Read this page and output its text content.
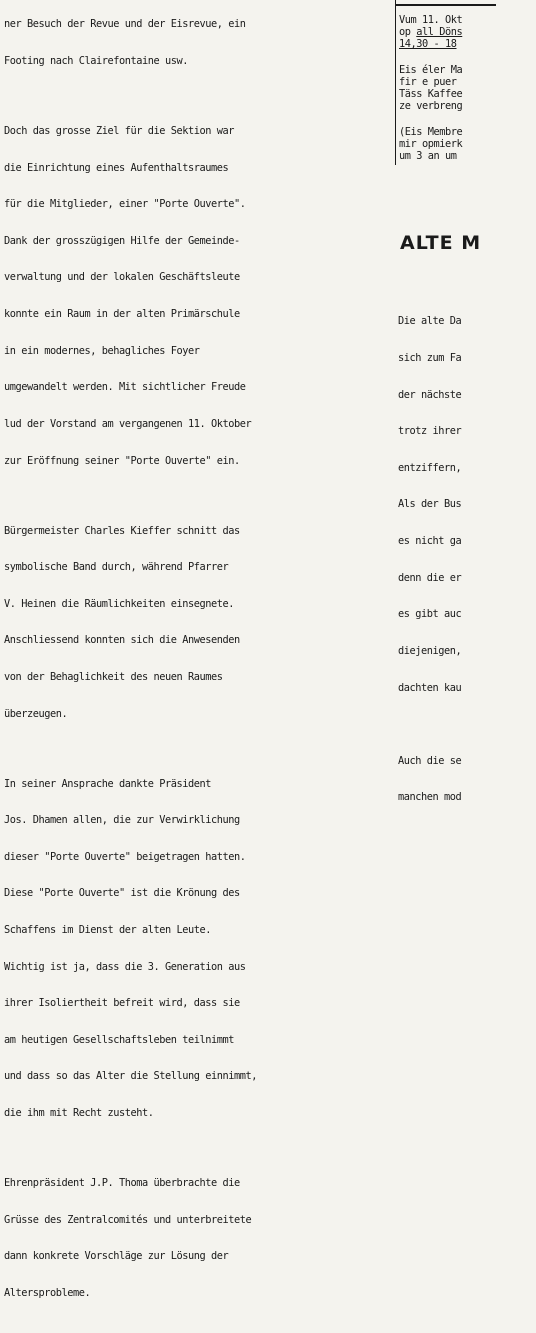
ner Besuch der Revue und der Eisrevue, ein

Footing nach Clairefontaine usw.

Doch das grosse Ziel für die Sektion war

die Einrichtung eines Aufenthaltsraumes

für die Mitglieder, einer "Porte Ouverte".

Dank der grosszügigen Hilfe der Gemeinde-

verwaltung und der lokalen Geschäftsleute

konnte ein Raum in der alten Primärschule

in ein modernes, behagliches Foyer

umgewandelt werden. Mit sichtlicher Freude

lud der Vorstand am vergangenen 11. Oktober

zur Eröffnung seiner "Porte Ouverte" ein.

Bürgermeister Charles Kieffer schnitt das

symbolische Band durch, während Pfarrer

V. Heinen die Räumlichkeiten einsegnete.

Anschliessend konnten sich die Anwesenden

von der Behaglichkeit des neuen Raumes

überzeugen.

In seiner Ansprache dankte Präsident

Jos. Dhamen allen, die zur Verwirklichung

dieser "Porte Ouverte" beigetragen hatten.

Diese "Porte Ouverte" ist die Krönung des

Schaffens im Dienst der alten Leute.

Wichtig ist ja, dass die 3. Generation aus

ihrer Isoliertheit befreit wird, dass sie

am heutigen Gesellschaftsleben teilnimmt

und dass so das Alter die Stellung einnimmt,

die ihm mit Recht zusteht.

Ehrenpräsident J.P. Thoma überbrachte die

Grüsse des Zentralcomités und unterbreitete

dann konkrete Vorschläge zur Lösung der

Altersprobleme.

Vum 11. Okt
op all Döns
14,30 - 18
Eis éler Ma
fir e puer
Täss Kaffee
ze verbreng
(Eis Membre
mir opmierk
um 3 an um
ALTE M

Die alte Da

sich zum Fa

der nächste

trotz ihrer

entziffern,

Als der Bus

es nicht ga

denn die er

es gibt auc

diejenigen,

dachten kau

Auch die se

manchen mod
